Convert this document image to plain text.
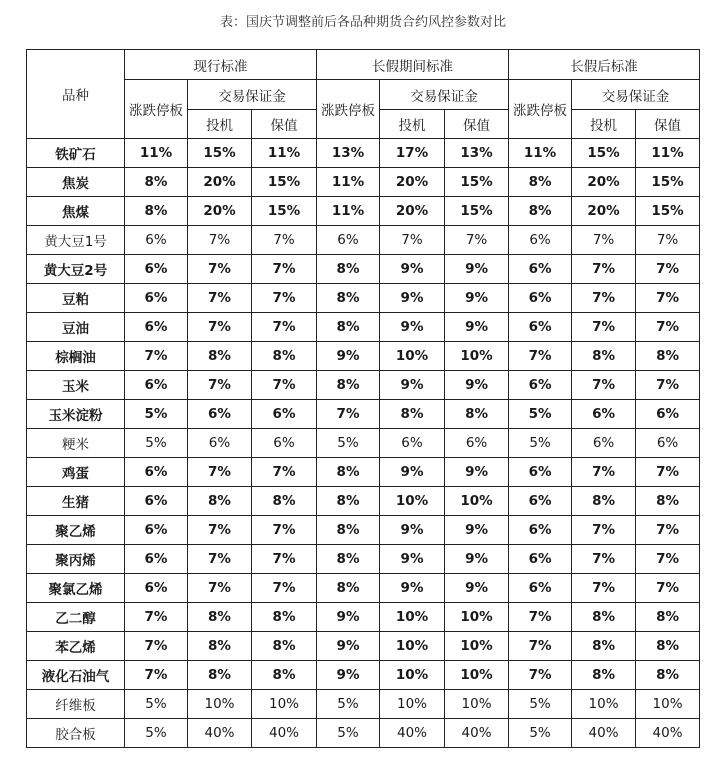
表：国庆节调整前后各品种期货合约风控参数对比
品种	现行标准			长假期间标准			长假后标准		
	涨跌停板	交易保证金		涨跌停板	交易保证金		涨跌停板	交易保证金	
		投机	保值		投机	保值		投机	保值
铁矿石	11%	15%	11%	13%	17%	13%	11%	15%	11%
焦炭	8%	20%	15%	11%	20%	15%	8%	20%	15%
焦煤	8%	20%	15%	11%	20%	15%	8%	20%	15%
黄大豆1号	6%	7%	7%	6%	7%	7%	6%	7%	7%
黄大豆2号	6%	7%	7%	8%	9%	9%	6%	7%	7%
豆粕	6%	7%	7%	8%	9%	9%	6%	7%	7%
豆油	6%	7%	7%	8%	9%	9%	6%	7%	7%
棕榈油	7%	8%	8%	9%	10%	10%	7%	8%	8%
玉米	6%	7%	7%	8%	9%	9%	6%	7%	7%
玉米淀粉	5%	6%	6%	7%	8%	8%	5%	6%	6%
粳米	5%	6%	6%	5%	6%	6%	5%	6%	6%
鸡蛋	6%	7%	7%	8%	9%	9%	6%	7%	7%
生猪	6%	8%	8%	8%	10%	10%	6%	8%	8%
聚乙烯	6%	7%	7%	8%	9%	9%	6%	7%	7%
聚丙烯	6%	7%	7%	8%	9%	9%	6%	7%	7%
聚氯乙烯	6%	7%	7%	8%	9%	9%	6%	7%	7%
乙二醇	7%	8%	8%	9%	10%	10%	7%	8%	8%
苯乙烯	7%	8%	8%	9%	10%	10%	7%	8%	8%
液化石油气	7%	8%	8%	9%	10%	10%	7%	8%	8%
纤维板	5%	10%	10%	5%	10%	10%	5%	10%	10%
胶合板	5%	40%	40%	5%	40%	40%	5%	40%	40%
